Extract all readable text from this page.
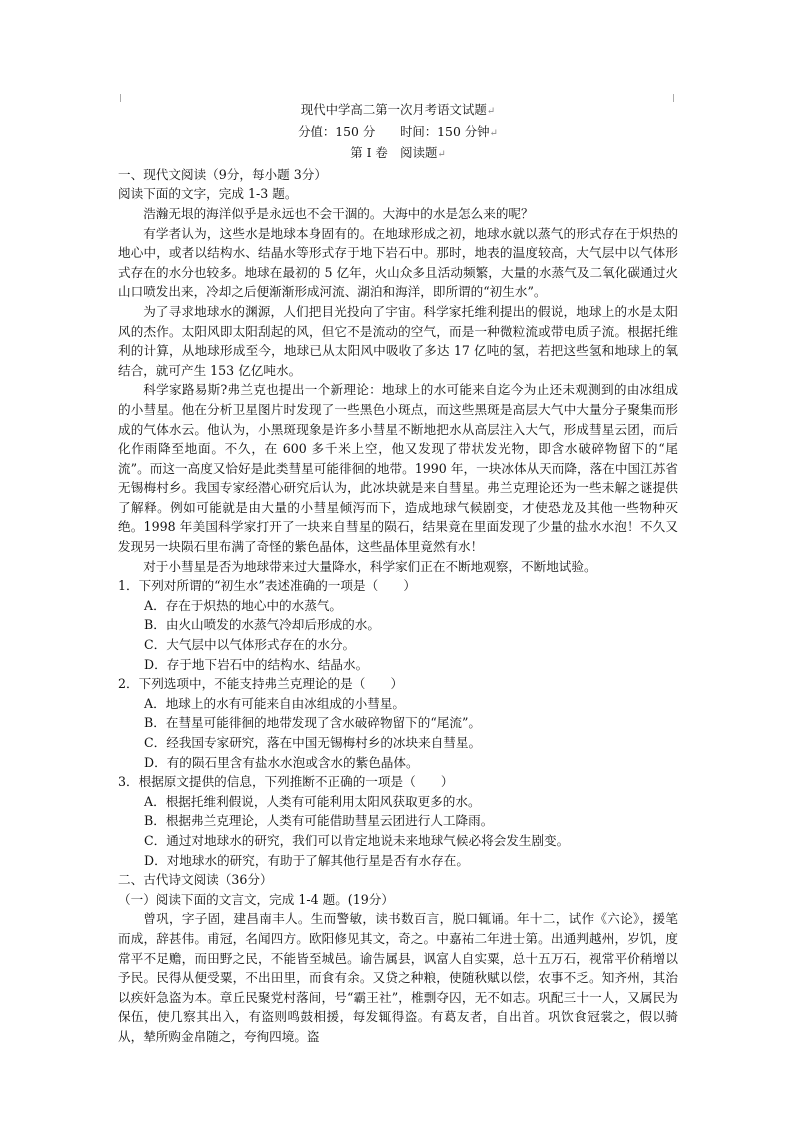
现代中学高二第一次月考语文试题↵

分值：150 分　　 时间：150 分钟↵

第 I 卷　阅读题↵

一、现代文阅读（9分，每小题 3分）

阅读下面的文字，完成 1-3 题。

浩瀚无垠的海洋似乎是永远也不会干涸的。大海中的水是怎么来的呢？

有学者认为，这些水是地球本身固有的。在地球形成之初，地球水就以蒸气的形式存在于炽热的地心中，或者以结构水、结晶水等形式存于地下岩石中。那时，地表的温度较高，大气层中以气体形式存在的水分也较多。地球在最初的 5 亿年，火山众多且活动频繁，大量的水蒸气及二氧化碳通过火山口喷发出来，冷却之后便渐渐形成河流、湖泊和海洋，即所谓的“初生水”。

为了寻求地球水的渊源，人们把目光投向了宇宙。科学家托维利提出的假说，地球上的水是太阳风的杰作。太阳风即太阳刮起的风，但它不是流动的空气，而是一种微粒流或带电质子流。根据托维利的计算，从地球形成至今，地球已从太阳风中吸收了多达 17 亿吨的氢，若把这些氢和地球上的氧结合，就可产生 153 亿亿吨水。

科学家路易斯?弗兰克也提出一个新理论：地球上的水可能来自迄今为止还未观测到的由冰组成的小彗星。他在分析卫星图片时发现了一些黑色小斑点，而这些黑斑是高层大气中大量分子聚集而形成的气体水云。他认为，小黑斑现象是许多小彗星不断地把水从高层注入大气，形成彗星云团，而后化作雨降至地面。不久，在 600 多千米上空，他又发现了带状发光物，即含水破碎物留下的“尾流”。而这一高度又恰好是此类彗星可能徘徊的地带。1990 年，一块冰体从天而降，落在中国江苏省无锡梅村乡。我国专家经潜心研究后认为，此冰块就是来自彗星。弗兰克理论还为一些未解之谜提供了解释。例如可能就是由大量的小彗星倾泻而下，造成地球气候剧变，才使恐龙及其他一些物种灭绝。1998 年美国科学家打开了一块来自彗星的陨石，结果竟在里面发现了少量的盐水水泡！不久又发现另一块陨石里布满了奇怪的紫色晶体，这些晶体里竟然有水！

对于小彗星是否为地球带来过大量降水，科学家们正在不断地观察，不断地试验。

1．下列对所谓的“初生水”表述准确的一项是（　　）

A．存在于炽热的地心中的水蒸气。

B．由火山喷发的水蒸气冷却后形成的水。

C．大气层中以气体形式存在的水分。

D．存于地下岩石中的结构水、结晶水。

2．下列选项中，不能支持弗兰克理论的是（　　）

A．地球上的水有可能来自由冰组成的小彗星。

B．在彗星可能徘徊的地带发现了含水破碎物留下的“尾流”。

C．经我国专家研究，落在中国无锡梅村乡的冰块来自彗星。

D．有的陨石里含有盐水水泡或含水的紫色晶体。

3．根据原文提供的信息，下列推断不正确的一项是（　　）

A．根据托维利假说，人类有可能利用太阳风获取更多的水。

B．根据弗兰克理论，人类有可能借助彗星云团进行人工降雨。

C．通过对地球水的研究，我们可以肯定地说未来地球气候必将会发生剧变。

D．对地球水的研究，有助于了解其他行星是否有水存在。

二、古代诗文阅读（36分）

（一）阅读下面的文言文，完成 1-4 题。(19分）

曾巩，字子固，建昌南丰人。生而警敏，读书数百言，脱口辄诵。年十二，试作《六论》，援笔而成，辞甚伟。甫冠，名闻四方。欧阳修见其文，奇之。中嘉祐二年进士第。出通判越州，岁饥，度常平不足赡，而田野之民，不能皆至城邑。谕告属县，讽富人自实粟，总十五万石，视常平价稍增以予民。民得从便受粟，不出田里，而食有余。又贷之种粮，使随秋赋以偿，农事不乏。知齐州，其治以疾奸急盗为本。章丘民聚党村落间，号“霸王社”，椎剽夺囚，无不如志。巩配三十一人，又属民为保伍，使几察其出入，有盗则鸣鼓相援，每发辄得盗。有葛友者，自出首。巩饮食冠裳之，假以骑从，辇所购金帛随之，夸徇四境。盗
